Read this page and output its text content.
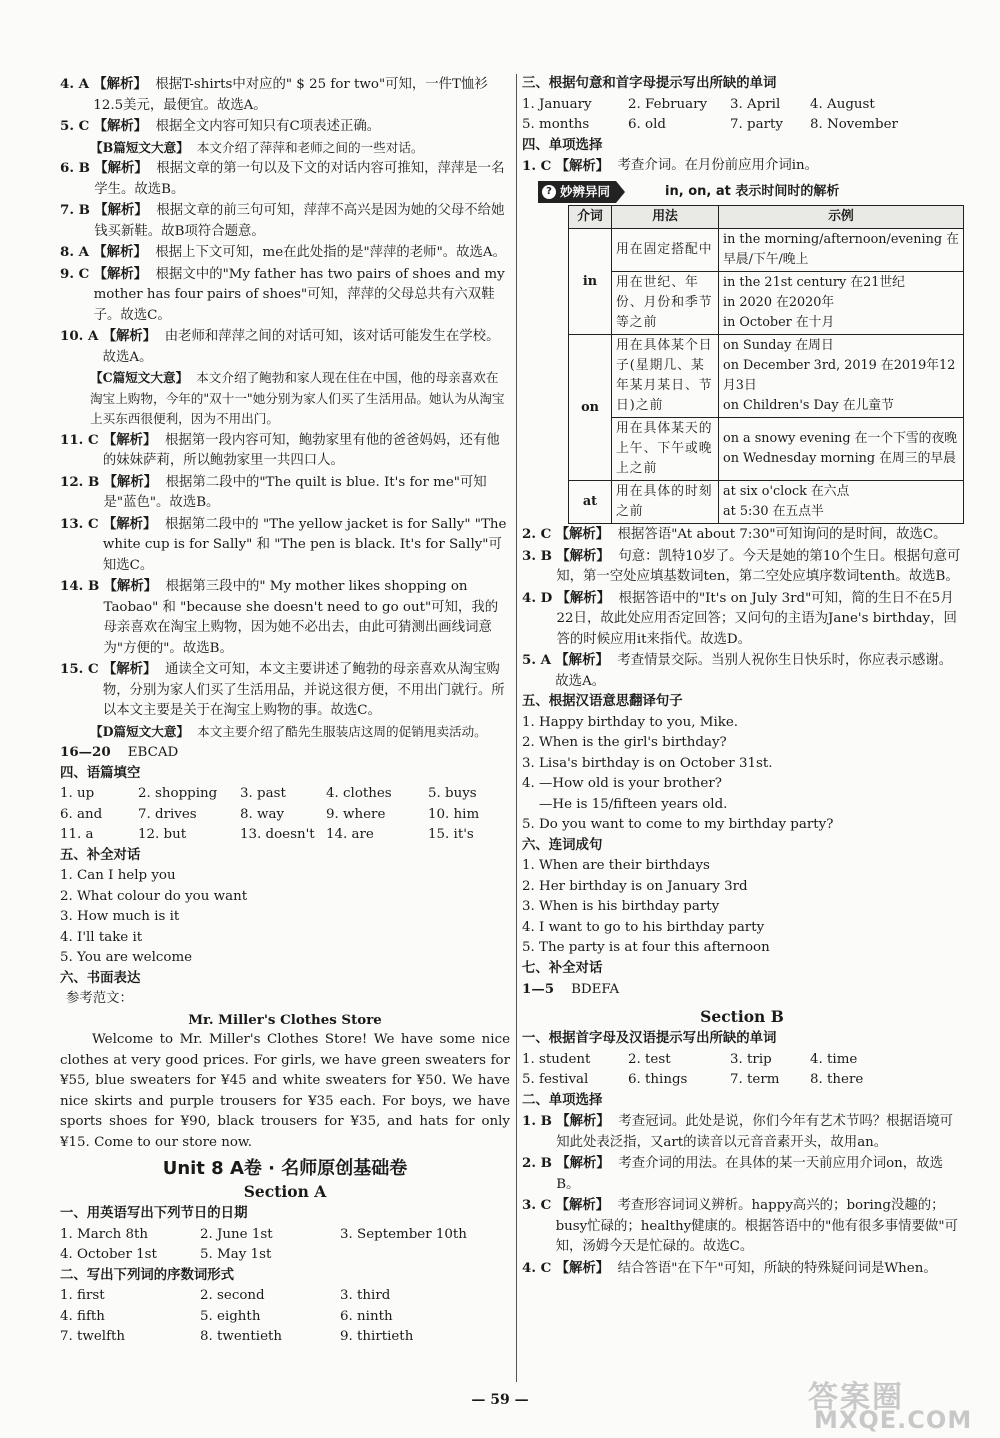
4. A
【解析】 根据T-shirts中对应的" $ 25 for two"可知，一件T恤衫12.5美元，最便宜。故选A。
5. C
【解析】 根据全文内容可知只有C项表述正确。

【B篇短文大意】 本文介绍了萍萍和老师之间的一些对话。

6. B
【解析】 根据文章的第一句以及下文的对话内容可推知，萍萍是一名学生。故选B。
7. B
【解析】 根据文章的前三句可知，萍萍不高兴是因为她的父母不给她钱买新鞋。故B项符合题意。
8. A
【解析】 根据上下文可知，me在此处指的是"萍萍的老师"。故选A。
9. C
【解析】 根据文中的"My father has two pairs of shoes and my mother has four pairs of shoes"可知，萍萍的父母总共有六双鞋子。故选C。
10. A
【解析】 由老师和萍萍之间的对话可知，该对话可能发生在学校。故选A。

【C篇短文大意】 本文介绍了鲍勃和家人现在住在中国，他的母亲喜欢在淘宝上购物，今年的"双十一"她分别为家人们买了生活用品。她认为从淘宝上买东西很便利，因为不用出门。

11. C
【解析】 根据第一段内容可知，鲍勃家里有他的爸爸妈妈，还有他的妹妹萨莉，所以鲍勃家里一共四口人。
12. B
【解析】 根据第二段中的"The quilt is blue. It's for me"可知是"蓝色"。故选B。
13. C
【解析】 根据第二段中的 "The yellow jacket is for Sally" "The white cup is for Sally" 和 "The pen is black. It's for Sally"可知选C。
14. B
【解析】 根据第三段中的" My mother likes shopping on Taobao" 和 "because she doesn't need to go out"可知，我的母亲喜欢在淘宝上购物，因为她不必出去，由此可猜测出画线词意为"方便的"。故选B。
15. C
【解析】 通读全文可知，本文主要讲述了鲍勃的母亲喜欢从淘宝购物，分别为家人们买了生活用品，并说这很方便，不用出门就行。所以本文主要是关于在淘宝上购物的事。故选C。

【D篇短文大意】 本文主要介绍了酷先生服装店这周的促销甩卖活动。

16—20 EBCAD

四、语篇填空

1. up	2. shopping	3. past	4. clothes	5. buys
6. and	7. drives	8. way	9. where	10. him
11. a	12. but	13. doesn't 14. are	15. it's

五、补全对话

1. Can I help you

2. What colour do you want

3. How much is it

4. I'll take it

5. You are welcome

六、书面表达

参考范文：

Mr. Miller's Clothes Store

Welcome to Mr. Miller's Clothes Store! We have some nice clothes at very good prices. For girls, we have green sweaters for ¥55, blue sweaters for ¥45 and white sweaters for ¥50. We have nice skirts and purple trousers for ¥35 each. For boys, we have sports shoes for ¥90, black trousers for ¥35, and hats for only ¥15. Come to our store now.

Unit 8 A卷 · 名师原创基础卷

Section A

一、用英语写出下列节日的日期

1. March 8th	2. June 1st	3. September 10th
4. October 1st	5. May 1st

二、写出下列词的序数词形式

1. first	2. second	3. third
4. fifth	5. eighth	6. ninth
7. twelfth	8. twentieth	9. thirtieth

三、根据句意和首字母提示写出所缺的单词

1. January	2. February	3. April	4. August
5. months	6. old	7. party	8. November

四、单项选择

1. C
【解析】
考查介词。在月份前应用介词in。
? 妙辨异同	in, on, at 表示时间时的解析
介词	用法	示例
in	用在固定搭配中	in the morning/afternoon/evening 在早晨/下午/晚上

	用在世纪、年份、月份和季节等之前	in the 21st century 在21世纪
in 2020 在2020年
in October 在十月

on	用在具体某个日子(星期几、某年某月某日、节日)之前	on Sunday 在周日
on December 3rd, 2019 在2019年12月3日
on Children's Day 在儿童节

	用在具体某天的上午、下午或晚上之前	on a snowy evening 在一个下雪的夜晚
on Wednesday morning 在周三的早晨

at	用在具体的时刻之前	at six o'clock 在六点
at 5:30 在五点半
2. C
【解析】 根据答语"At about 7:30"可知询问的是时间，故选C。
3. B
【解析】 句意：凯特10岁了。今天是她的第10个生日。根据句意可知，第一空处应填基数词ten，第二空处应填序数词tenth。故选B。
4. D
【解析】 根据答语中的"It's on July 3rd"可知，简的生日不在5月22日，故此处应用否定回答；又问句的主语为Jane's birthday，回答的时候应用it来指代。故选D。
5. A
【解析】 考查情景交际。当别人祝你生日快乐时，你应表示感谢。故选A。

五、根据汉语意思翻译句子

1. Happy birthday to you, Mike.

2. When is the girl's birthday?

3. Lisa's birthday is on October 31st.

4. —How old is your brother?

—He is 15/fifteen years old.

5. Do you want to come to my birthday party?

六、连词成句

1. When are their birthdays

2. Her birthday is on January 3rd

3. When is his birthday party

4. I want to go to his birthday party

5. The party is at four this afternoon

七、补全对话

1—5 BDEFA

Section B

一、根据首字母及汉语提示写出所缺的单词

1. student	2. test	3. trip	4. time
5. festival	6. things	7. term	8. there

二、单项选择

1. B
【解析】 考查冠词。此处是说，你们今年有艺术节吗？根据语境可知此处表泛指，又art的读音以元音音素开头，故用an。
2. B
【解析】 考查介词的用法。在具体的某一天前应用介词on，故选B。
3. C
【解析】 考查形容词词义辨析。happy高兴的；boring没趣的；busy忙碌的；healthy健康的。根据答语中的"他有很多事情要做"可知，汤姆今天是忙碌的。故选C。
4. C
【解析】 结合答语"在下午"可知，所缺的特殊疑问词是When。
— 59 —	答案圈
MXQE.COM
